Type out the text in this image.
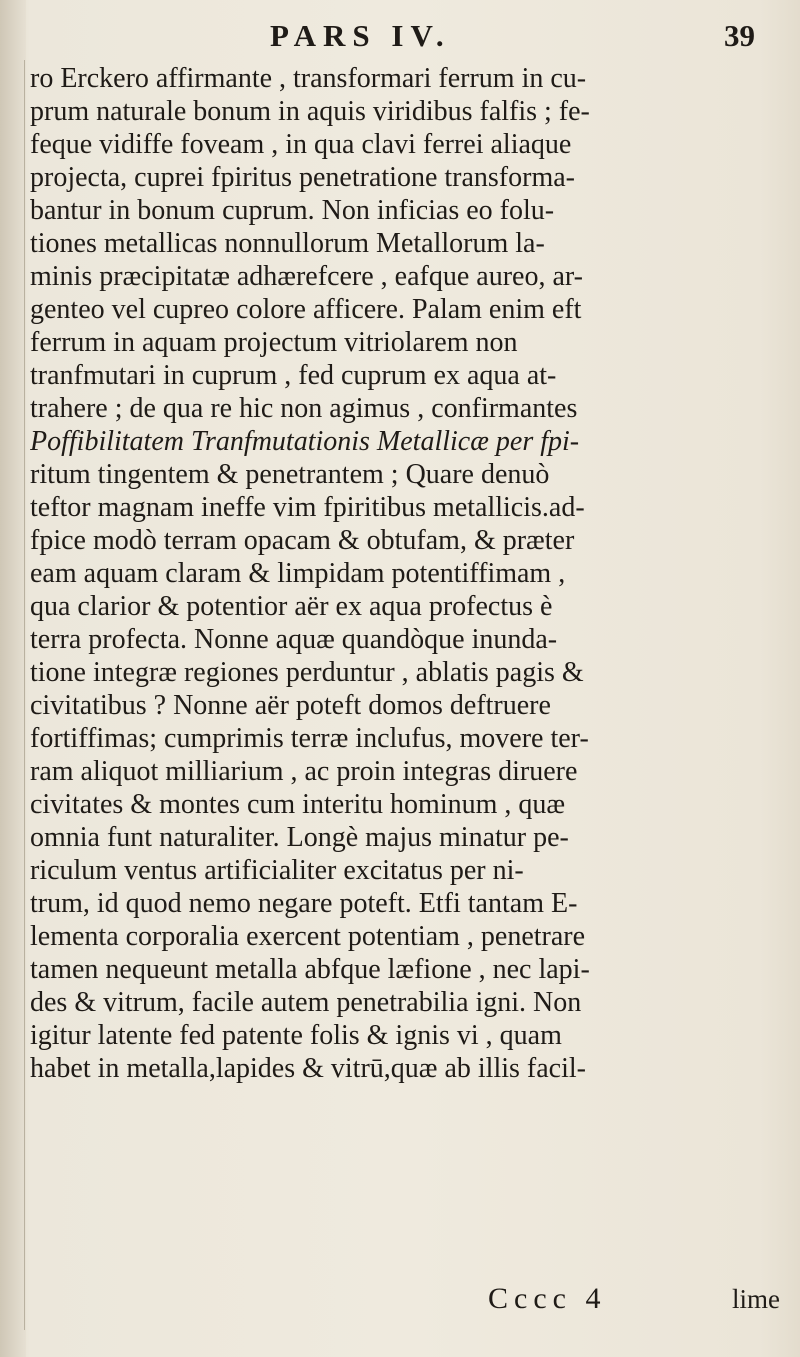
PARS IV.	39
ro Erckero affirmante , transformari ferrum in cu-
prum naturale bonum in aquis viridibus falfis ; fe-
feque vidiffe foveam , in qua clavi ferrei aliaque
projecta, cuprei fpiritus penetratione transforma-
bantur in bonum cuprum. Non inficias eo folu-
tiones metallicas nonnullorum Metallorum la-
minis præcipitatæ adhærefcere , eafque aureo, ar-
genteo vel cupreo colore afficere. Palam enim eft
ferrum in aquam projectum vitriolarem non
tranfmutari in cuprum , fed cuprum ex aqua at-
trahere ; de qua re hic non agimus , confirmantes
Poffibilitatem Tranfmutationis Metallicæ per fpi-
ritum tingentem & penetrantem ; Quare denuò
teftor magnam ineffe vim fpiritibus metallicis.ad-
fpice modò terram opacam & obtufam, & præter
eam aquam claram & limpidam potentiffimam ,
qua clarior & potentior aër ex aqua profectus è
terra profecta. Nonne aquæ quandòque inunda-
tione integræ regiones perduntur , ablatis pagis &
civitatibus ? Nonne aër poteft domos deftruere
fortiffimas; cumprimis terræ inclufus, movere ter-
ram aliquot milliarium , ac proin integras diruere
civitates & montes cum interitu hominum , quæ
omnia funt naturaliter. Longè majus minatur pe-
riculum ventus artificialiter excitatus per ni-
trum, id quod nemo negare poteft. Etfi tantam E-
lementa corporalia exercent potentiam , penetrare
tamen nequeunt metalla abfque læfione , nec lapi-
des & vitrum, facile autem penetrabilia igni. Non
igitur latente fed patente folis & ignis vi , quam
habet in metalla,lapides & vitrū,quæ ab illis facil-
Cccc 4	lime
